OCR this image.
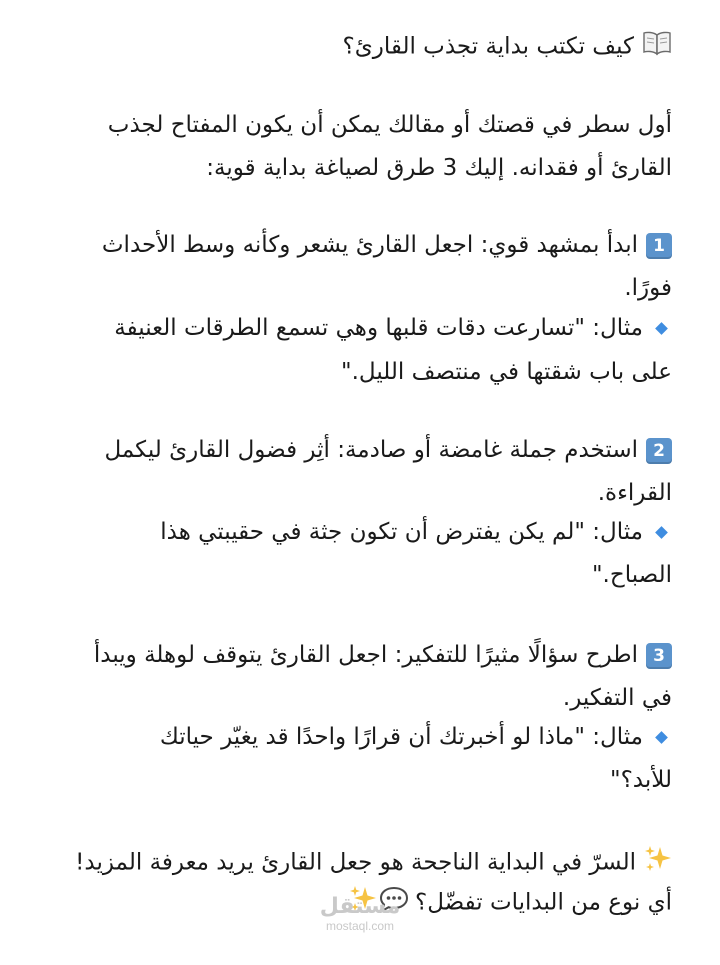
كيف تكتب بداية تجذب القارئ؟
أول سطر في قصتك أو مقالك يمكن أن يكون المفتاح لجذب
القارئ أو فقدانه. إليك 3 طرق لصياغة بداية قوية:
1ابدأ بمشهد قوي: اجعل القارئ يشعر وكأنه وسط الأحداث
فورًا.
مثال: "تسارعت دقات قلبها وهي تسمع الطرقات العنيفة
على باب شقتها في منتصف الليل."
2استخدم جملة غامضة أو صادمة: أثِر فضول القارئ ليكمل
القراءة.
مثال: "لم يكن يفترض أن تكون جثة في حقيبتي هذا
الصباح."
3اطرح سؤالًا مثيرًا للتفكير: اجعل القارئ يتوقف لوهلة ويبدأ
في التفكير.
مثال: "ماذا لو أخبرتك أن قرارًا واحدًا قد يغيّر حياتك
للأبد؟"
السرّ في البداية الناجحة هو جعل القارئ يريد معرفة المزيد!
أي نوع من البدايات تفضّل؟
مستقل
mostaql.com
